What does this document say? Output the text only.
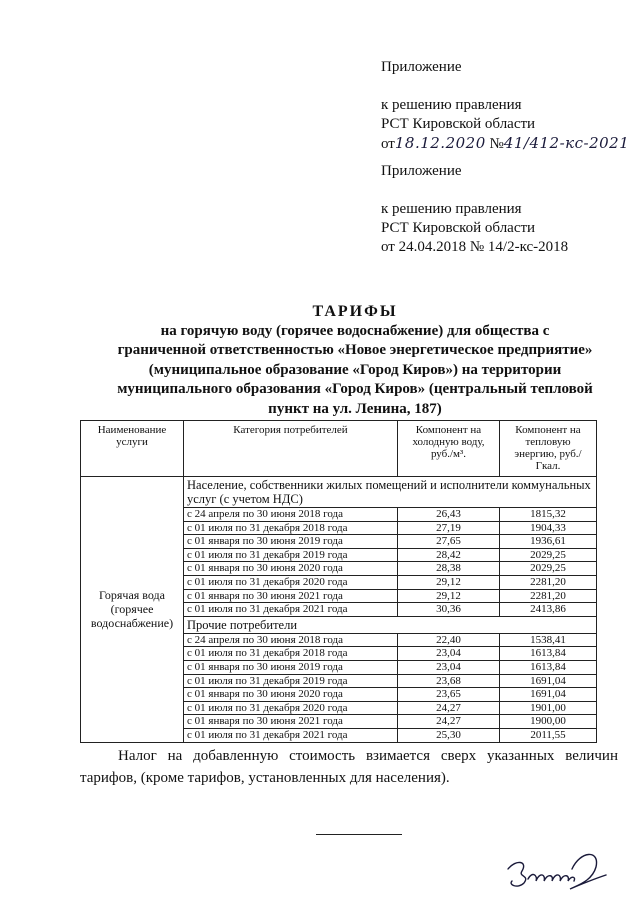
Приложение
к решению правления
РСТ Кировской области
от18.12.2020 №41/412-кс-2021
Приложение
к решению правления
РСТ Кировской области
от 24.04.2018 № 14/2-кс-2018
ТАРИФЫ
на горячую воду (горячее водоснабжение) для общества с
граниченной ответственностью «Новое энергетическое предприятие»
(муниципальное образование «Город Киров») на территории
муниципального образования «Город Киров» (центральный тепловой
пункт на ул. Ленина, 187)
Наименование услуги	Категория потребителей	Компонент на холодную воду, руб./м³.	Компонент на тепловую энергию, руб./Гкал.
Горячая вода (горячее водоснабжение)	Население, собственники жилых помещений и исполнители коммунальных услуг (с учетом НДС)		
	с 24 апреля по 30 июня 2018 года	26,43	1815,32
	с 01 июля по 31 декабря 2018 года	27,19	1904,33
	с 01 января по 30 июня 2019 года	27,65	1936,61
	с 01 июля по 31 декабря 2019 года	28,42	2029,25
	с 01 января по 30 июня 2020 года	28,38	2029,25
	с 01 июля по 31 декабря 2020 года	29,12	2281,20
	с 01 января по 30 июня 2021 года	29,12	2281,20
	с 01 июля по 31 декабря 2021 года	30,36	2413,86
	Прочие потребители		
	с 24 апреля по 30 июня 2018 года	22,40	1538,41
	с 01 июля по 31 декабря 2018 года	23,04	1613,84
	с 01 января по 30 июня 2019 года	23,04	1613,84
	с 01 июля по 31 декабря 2019 года	23,68	1691,04
	с 01 января по 30 июня 2020 года	23,65	1691,04
	с 01 июля по 31 декабря 2020 года	24,27	1901,00
	с 01 января по 30 июня 2021 года	24,27	1900,00
	с 01 июля по 31 декабря 2021 года	25,30	2011,55
Налог на добавленную стоимость взимается сверх указанных величин тарифов, (кроме тарифов, установленных для населения).
